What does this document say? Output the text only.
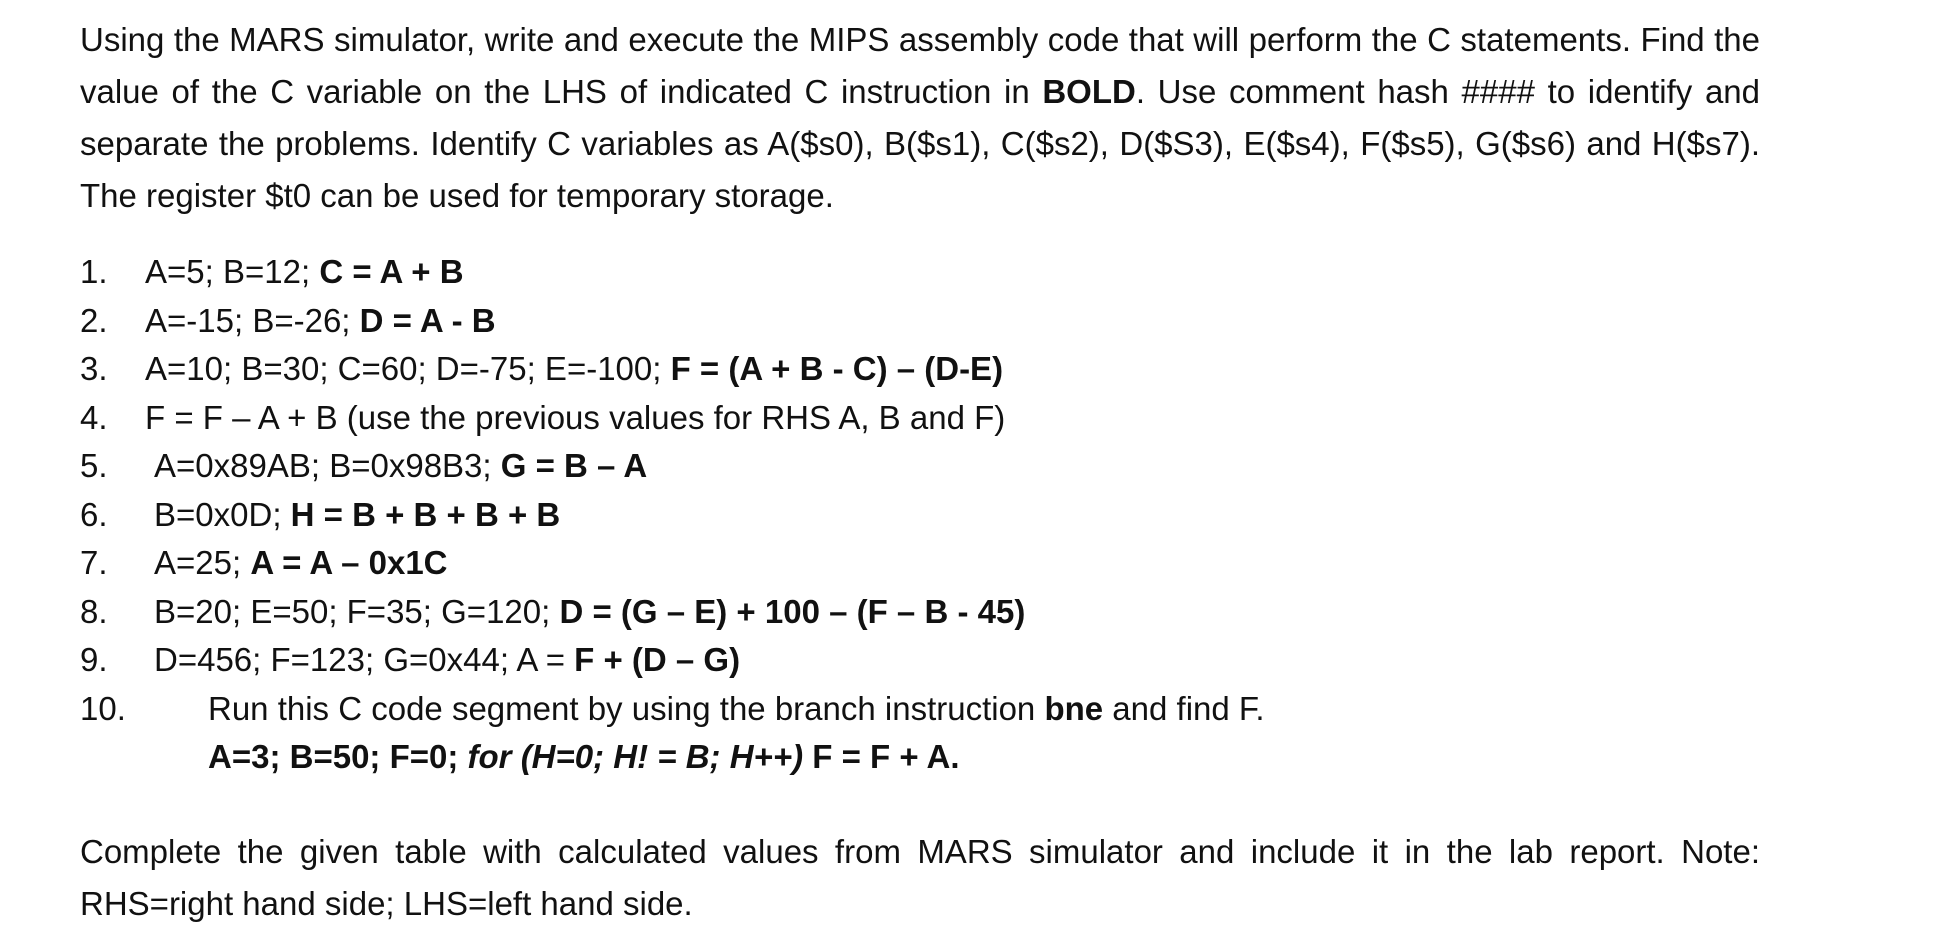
Using the MARS simulator, write and execute the MIPS assembly code that will perform the C statements. Find the value of the C variable on the LHS of indicated C instruction in BOLD. Use comment hash #### to identify and separate the problems. Identify C variables as A($s0), B($s1), C($s2), D($S3), E($s4), F($s5), G($s6) and H($s7). The register $t0 can be used for temporary storage.

1. A=5; B=12; C = A + B
2. A=-15; B=-26; D = A - B
3. A=10; B=30; C=60; D=-75; E=-100; F = (A + B - C) – (D-E)
4. F = F – A + B (use the previous values for RHS A, B and F)
5. A=0x89AB; B=0x98B3; G = B – A
6. B=0x0D; H = B + B + B + B
7. A=25; A = A – 0x1C
8. B=20; E=50; F=35; G=120; D = (G – E) + 100 – (F – B - 45)
9. D=456; F=123; G=0x44; A = F + (D – G)
10. Run this C code segment by using the branch instruction bne and find F.
A=3; B=50; F=0; for (H=0; H! = B; H++) F = F + A.

Complete the given table with calculated values from MARS simulator and include it in the lab report. Note: RHS=right hand side; LHS=left hand side.
